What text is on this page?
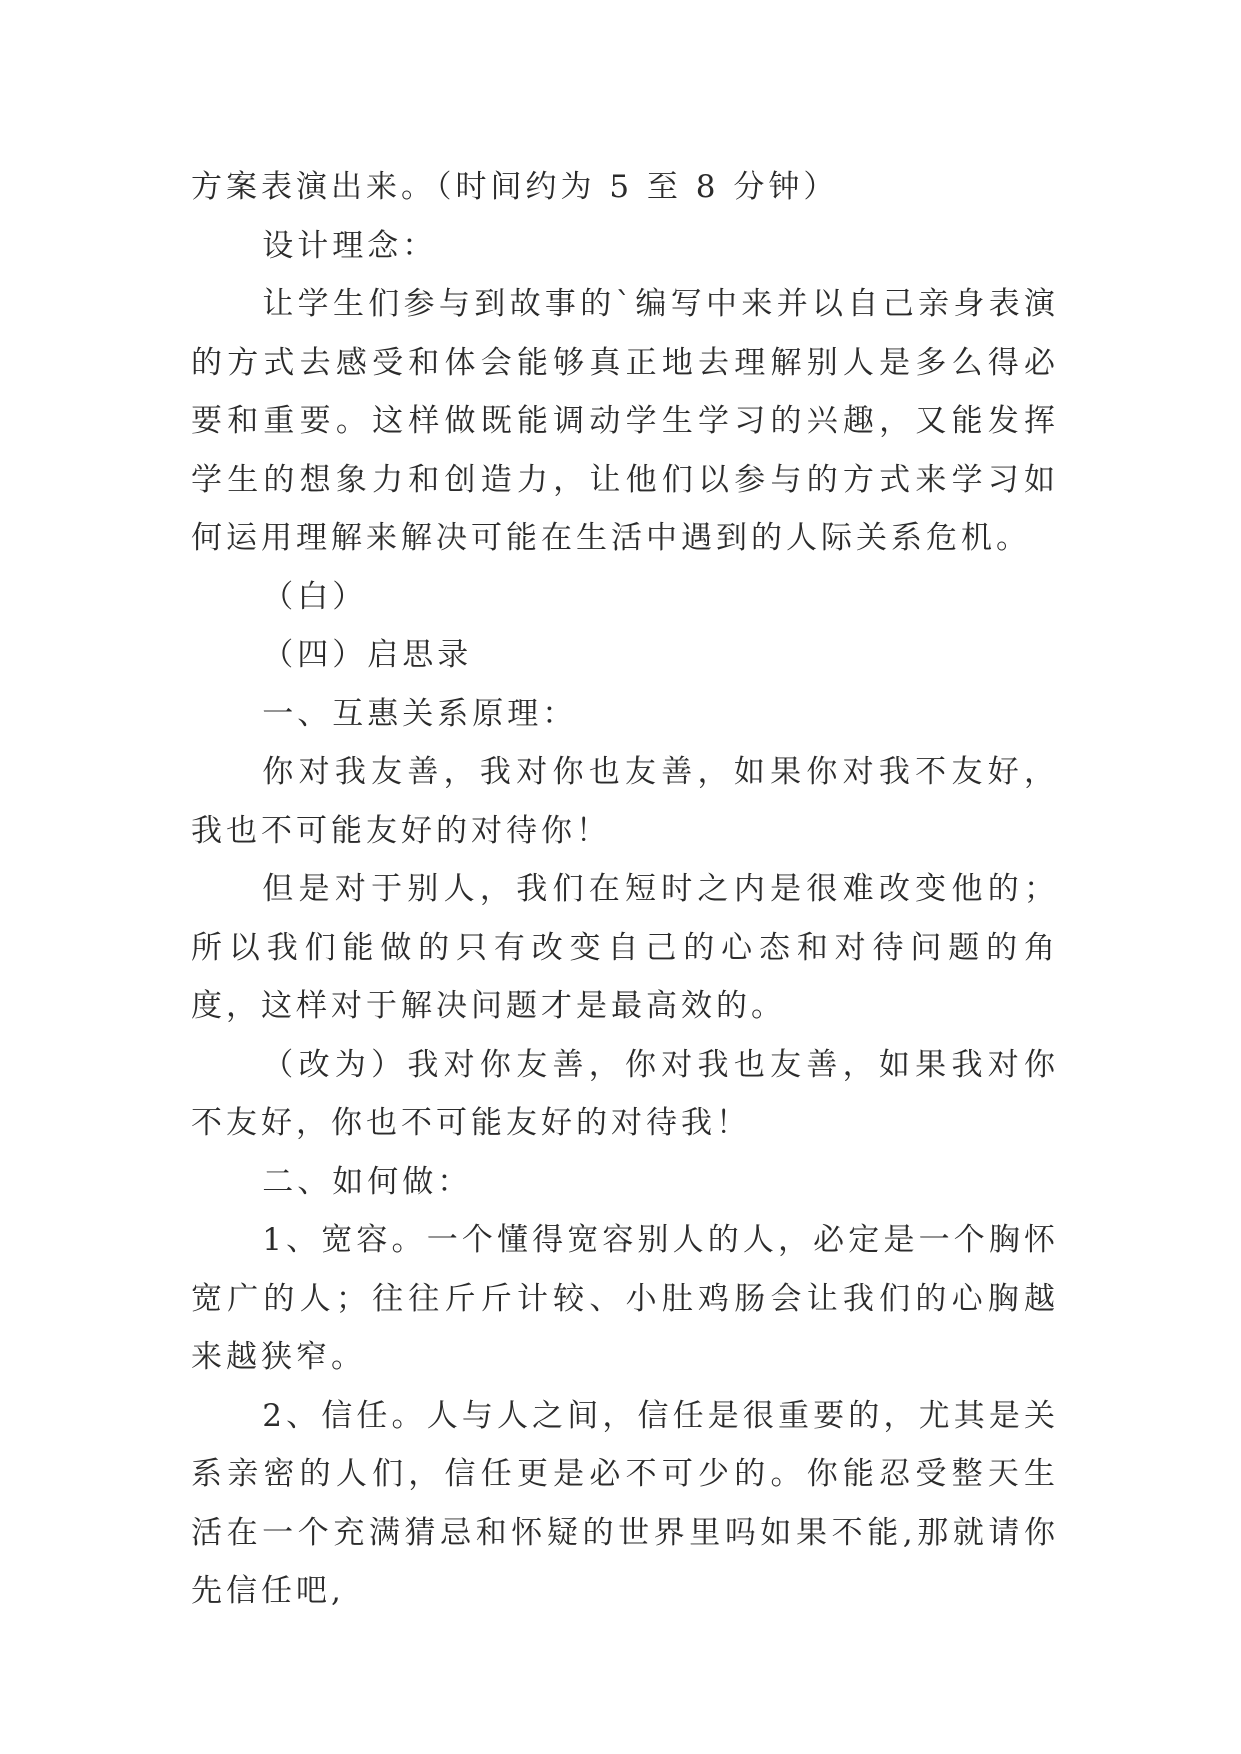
方案表演出来。（时间约为 5 至 8 分钟）

设计理念：

让学生们参与到故事的`编写中来并以自己亲身表演的方式去感受和体会能够真正地去理解别人是多么得必要和重要。这样做既能调动学生学习的兴趣，又能发挥学生的想象力和创造力，让他们以参与的方式来学习如何运用理解来解决可能在生活中遇到的人际关系危机。

（白）

（四）启思录

一、互惠关系原理：

你对我友善，我对你也友善，如果你对我不友好，我也不可能友好的对待你！

但是对于别人，我们在短时之内是很难改变他的；所以我们能做的只有改变自己的心态和对待问题的角度，这样对于解决问题才是最高效的。

（改为）我对你友善，你对我也友善，如果我对你不友好，你也不可能友好的对待我！

二、如何做：

1、宽容。一个懂得宽容别人的人，必定是一个胸怀宽广的人；往往斤斤计较、小肚鸡肠会让我们的心胸越来越狭窄。

2、信任。人与人之间，信任是很重要的，尤其是关系亲密的人们，信任更是必不可少的。你能忍受整天生活在一个充满猜忌和怀疑的世界里吗如果不能,那就请你先信任吧,
